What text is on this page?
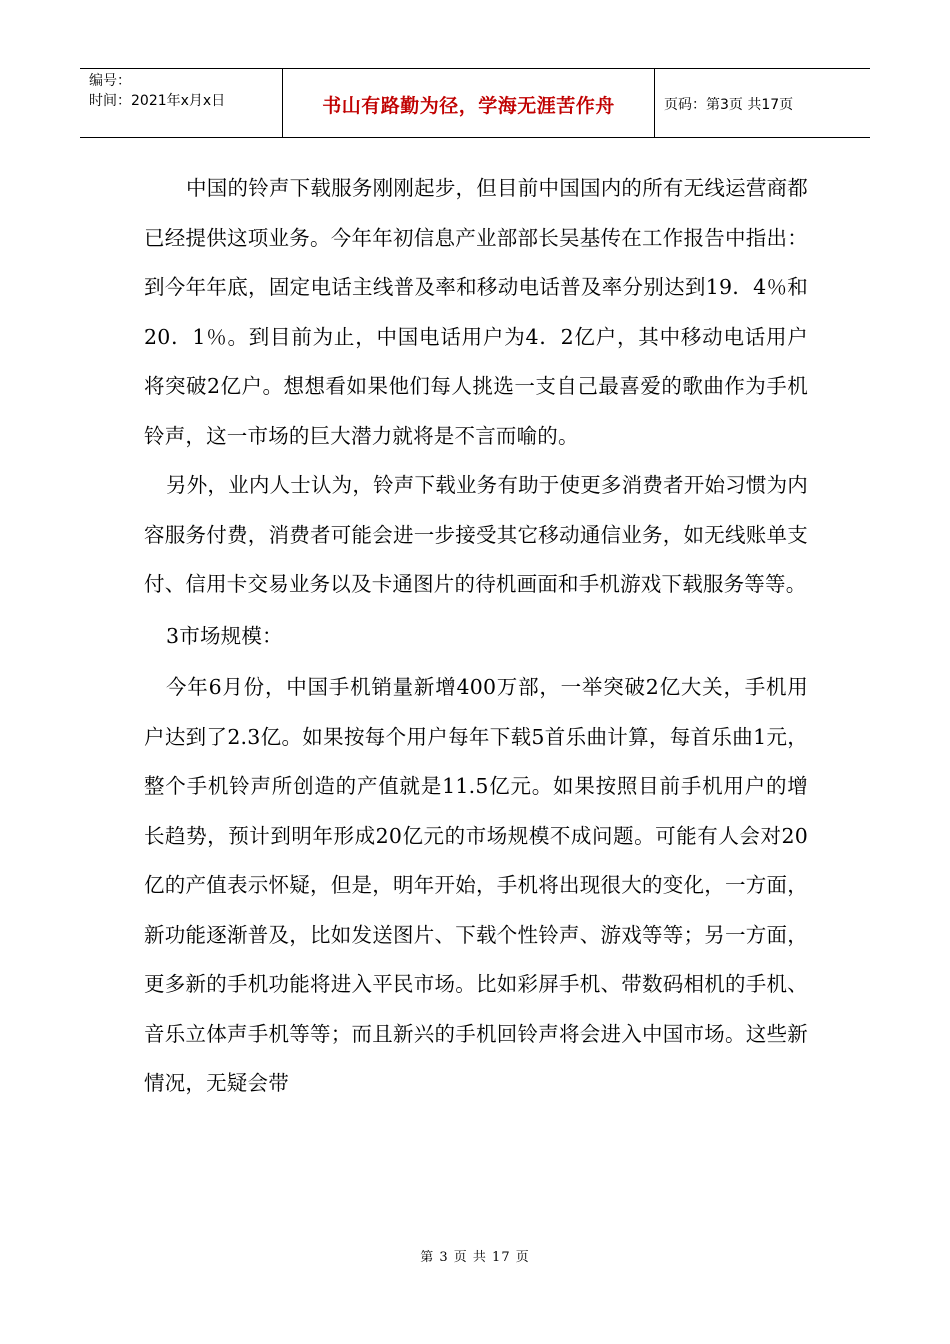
编号：
时间：2021年x月x日	书山有路勤为径，学海无涯苦作舟	页码：第3页 共17页

中国的铃声下载服务刚刚起步，但目前中国国内的所有无线运营商都已经提供这项业务。今年年初信息产业部部长吴基传在工作报告中指出：到今年年底，固定电话主线普及率和移动电话普及率分别达到19．4％和20．1％。到目前为止，中国电话用户为4．2亿户，其中移动电话用户将突破2亿户。想想看如果他们每人挑选一支自己最喜爱的歌曲作为手机铃声，这一市场的巨大潜力就将是不言而喻的。

另外，业内人士认为，铃声下载业务有助于使更多消费者开始习惯为内容服务付费，消费者可能会进一步接受其它移动通信业务，如无线账单支付、信用卡交易业务以及卡通图片的待机画面和手机游戏下载服务等等。

3市场规模：

今年6月份，中国手机销量新增400万部，一举突破2亿大关，手机用户达到了2.3亿。如果按每个用户每年下载5首乐曲计算，每首乐曲1元，整个手机铃声所创造的产值就是11.5亿元。如果按照目前手机用户的增长趋势，预计到明年形成20亿元的市场规模不成问题。可能有人会对20亿的产值表示怀疑，但是，明年开始，手机将出现很大的变化，一方面，新功能逐渐普及，比如发送图片、下载个性铃声、游戏等等；另一方面，更多新的手机功能将进入平民市场。比如彩屏手机、带数码相机的手机、音乐立体声手机等等；而且新兴的手机回铃声将会进入中国市场。这些新情况，无疑会带

第 3 页 共 17 页
